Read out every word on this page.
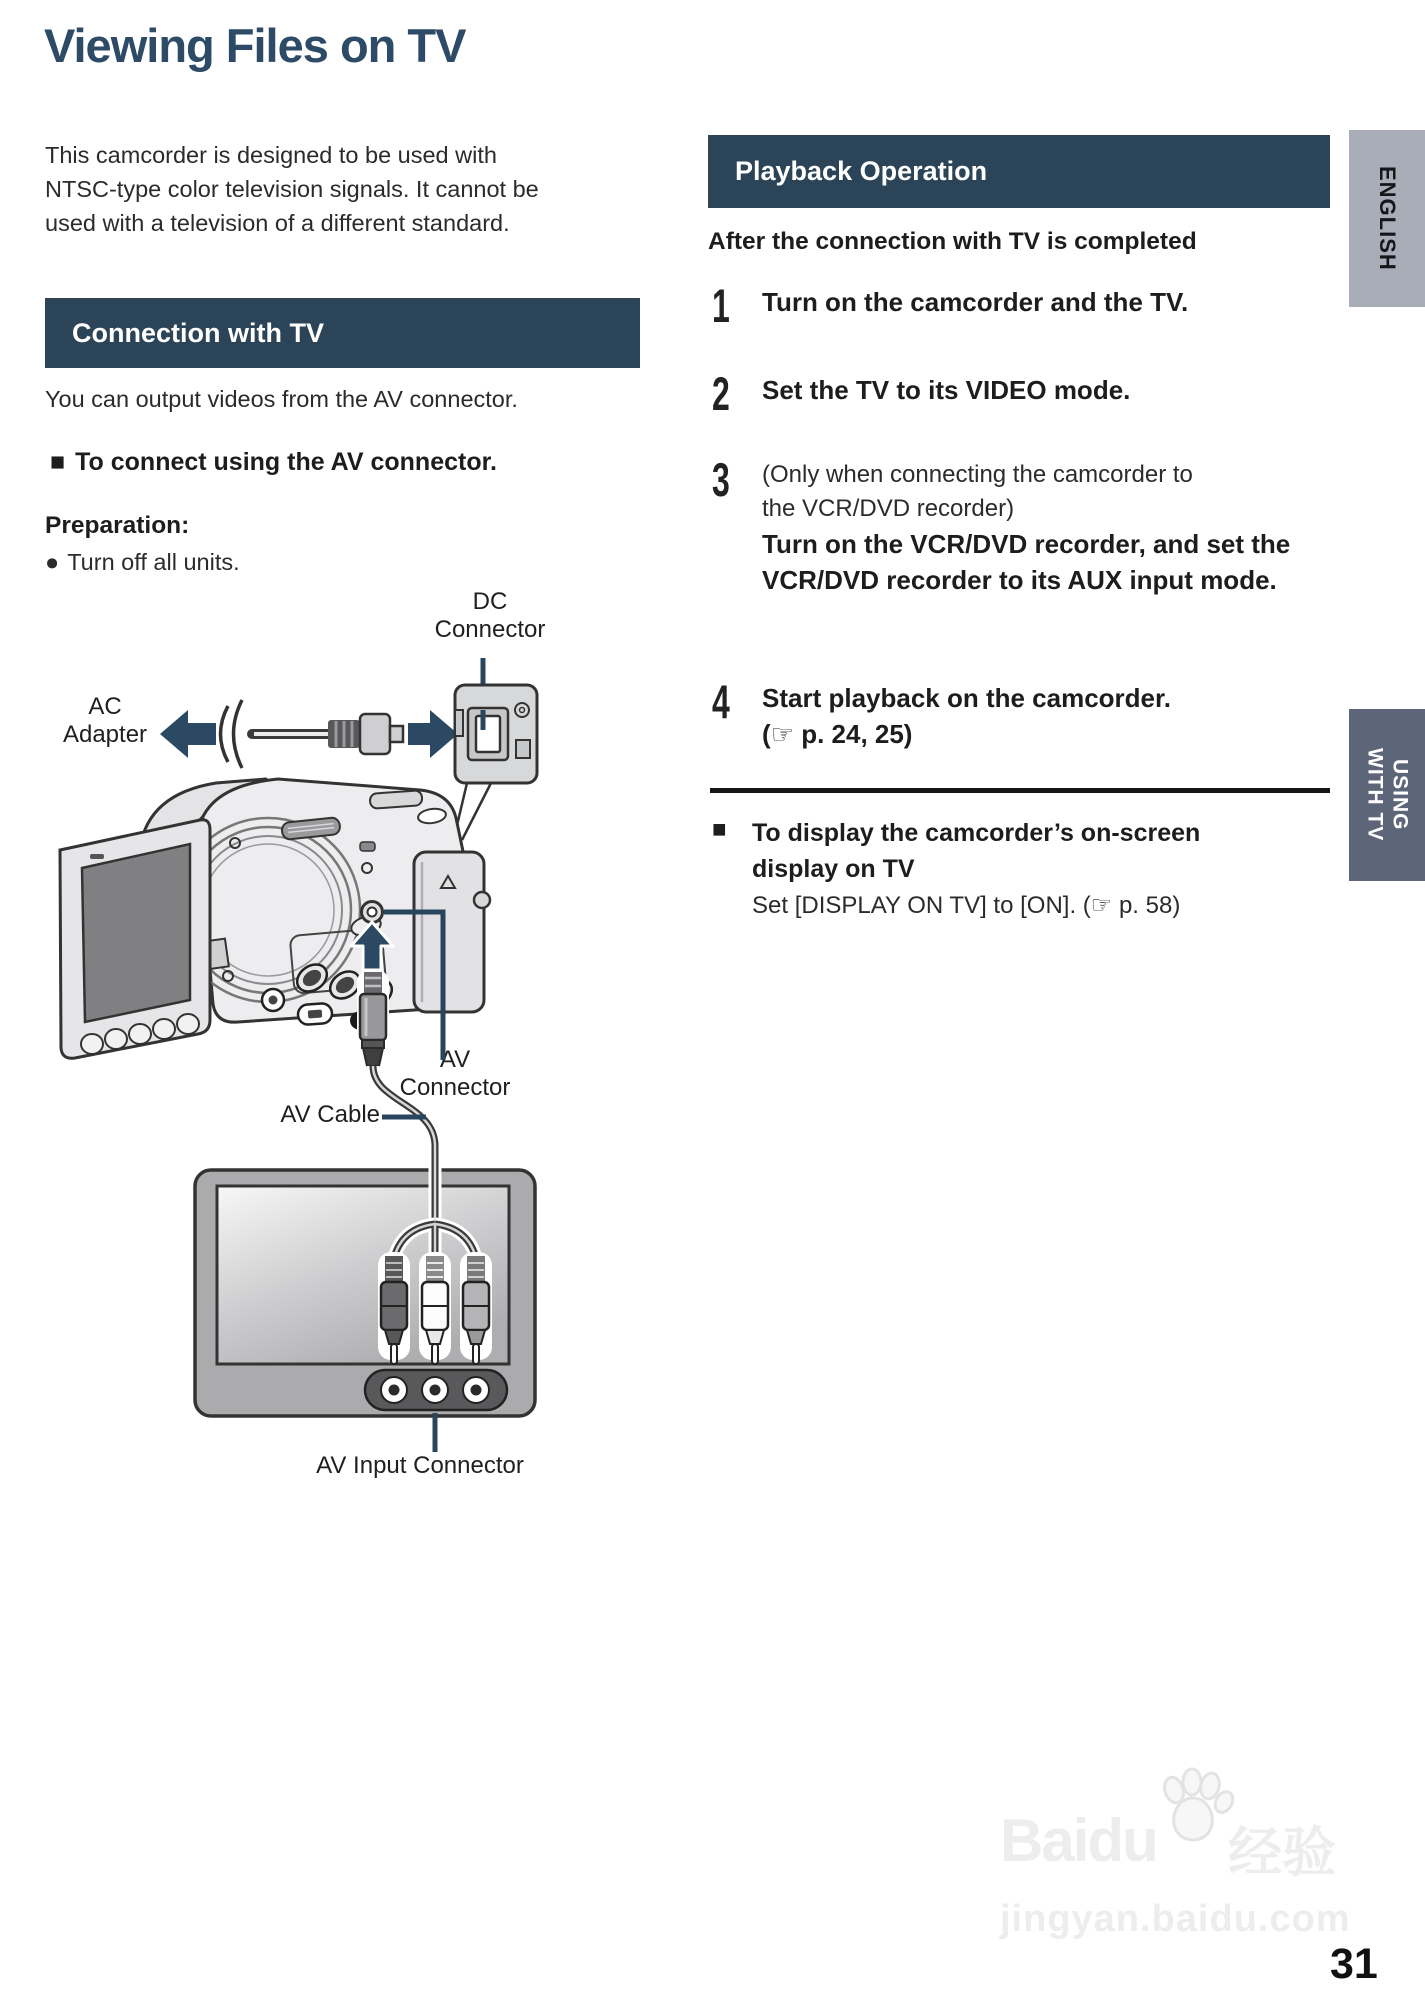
Viewing Files on TV
This camcorder is designed to be used with NTSC-type color television signals. It cannot be used with a television of a different standard.
Connection with TV
You can output videos from the AV connector.
■ To connect using the AV connector.
Preparation:
● Turn off all units.
Playback Operation
After the connection with TV is completed
1	Turn on the camcorder and the TV.
2	Set the TV to its VIDEO mode.
3	(Only when connecting the camcorder to the VCR/DVD recorder)
Turn on the VCR/DVD recorder, and set the VCR/DVD recorder to its AUX input mode.
4	Start playback on the camcorder.
(☞ p. 24, 25)
■ To display the camcorder’s on-screen
display on TV
Set [DISPLAY ON TV] to [ON]. (☞ p. 58)
ENGLISH
USING
WITH TV
DC
Connector
AC
Adapter
AV
Connector
AV Cable
AV Input Connector
Baidu 经验
jingyan.baidu.com
31
